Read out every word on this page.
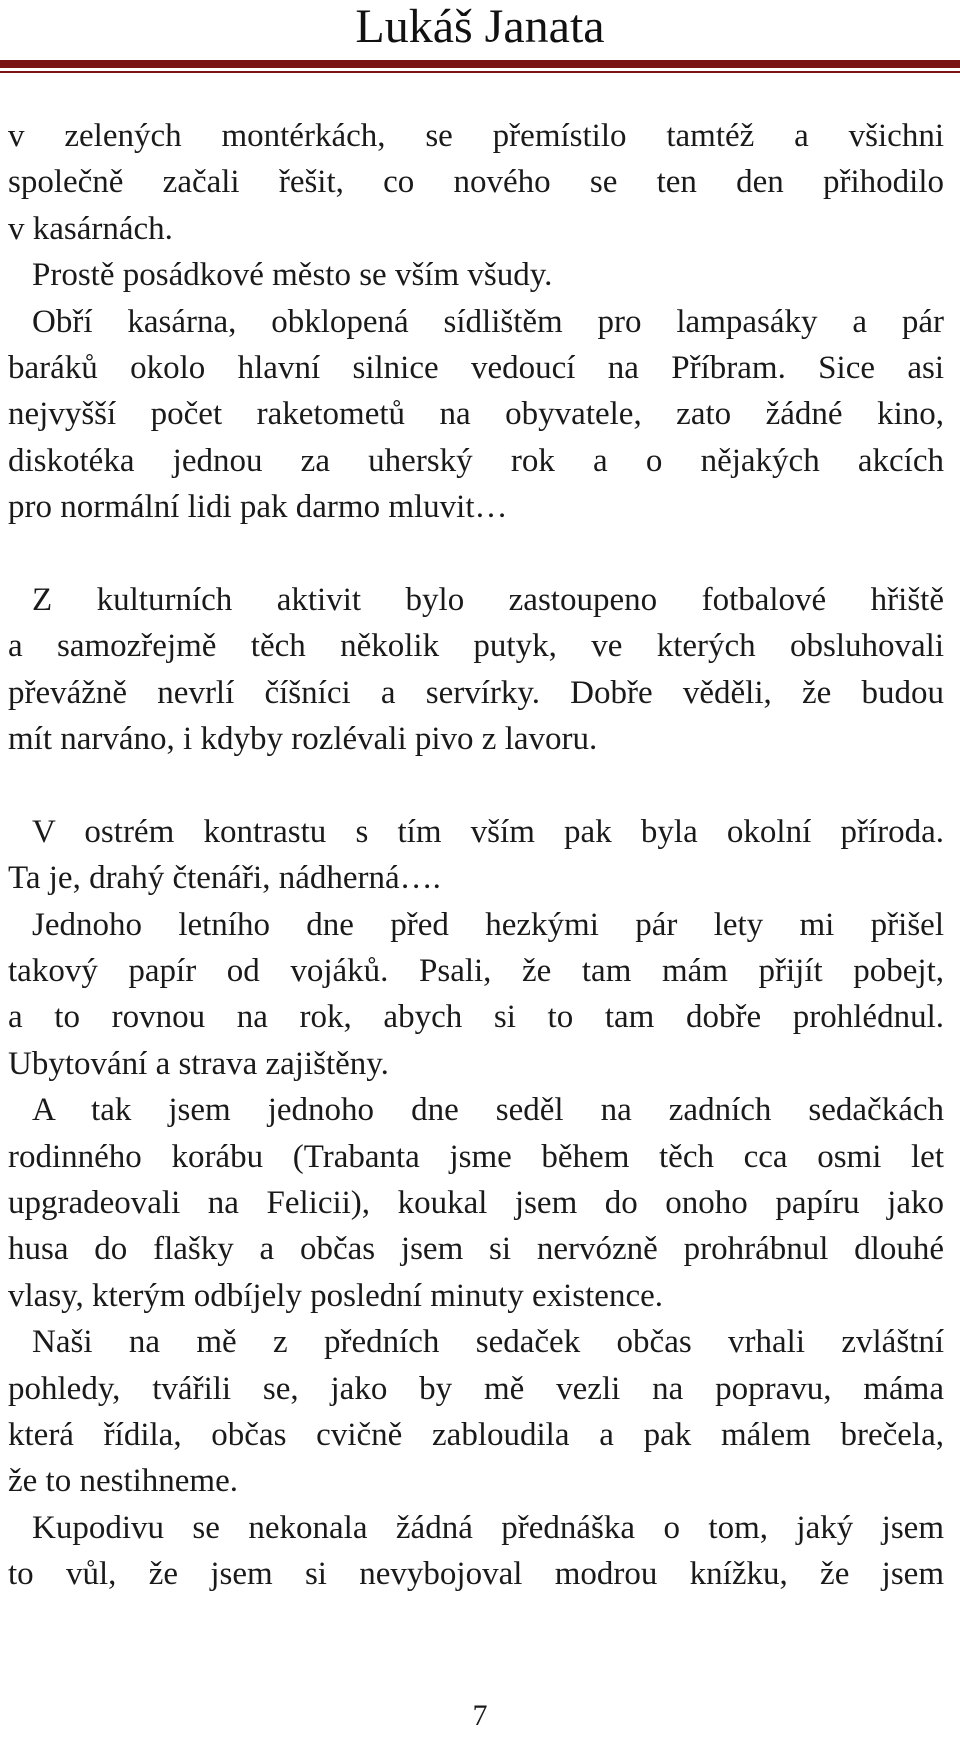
Lukáš Janata
v zelených montérkách, se přemístilo tamtéž a všichni
společně začali řešit, co nového se ten den přihodilo
v kasárnách.
Prostě posádkové město se vším všudy.
Obří kasárna, obklopená sídlištěm pro lampasáky a pár
baráků okolo hlavní silnice vedoucí na Příbram. Sice asi
nejvyšší počet raketometů na obyvatele, zato žádné kino,
diskotéka jednou za uherský rok a o nějakých akcích
pro normální lidi pak darmo mluvit…
Z kulturních aktivit bylo zastoupeno fotbalové hřiště
a samozřejmě těch několik putyk, ve kterých obsluhovali
převážně nevrlí číšníci a servírky. Dobře věděli, že budou
mít narváno, i kdyby rozlévali pivo z lavoru.
V ostrém kontrastu s tím vším pak byla okolní příroda.
Ta je, drahý čtenáři, nádherná….
Jednoho letního dne před hezkými pár lety mi přišel
takový papír od vojáků. Psali, že tam mám přijít pobejt,
a to rovnou na rok, abych si to tam dobře prohlédnul.
Ubytování a strava zajištěny.
A tak jsem jednoho dne seděl na zadních sedačkách
rodinného korábu (Trabanta jsme během těch cca osmi let
upgradeovali na Felicii), koukal jsem do onoho papíru jako
husa do flašky a občas jsem si nervózně prohrábnul dlouhé
vlasy, kterým odbíjely poslední minuty existence.
Naši na mě z předních sedaček občas vrhali zvláštní
pohledy, tvářili se, jako by mě vezli na popravu, máma
která řídila, občas cvičně zabloudila a pak málem brečela,
že to nestihneme.
Kupodivu se nekonala žádná přednáška o tom, jaký jsem
to vůl, že jsem si nevybojoval modrou knížku, že jsem
7
